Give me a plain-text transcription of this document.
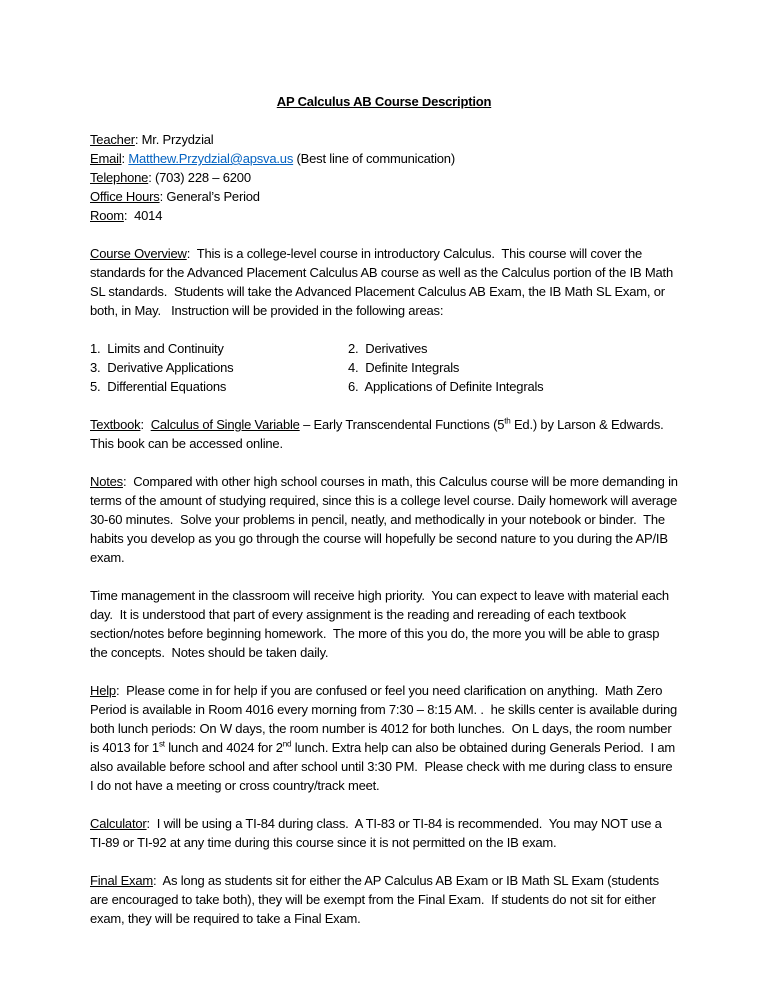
AP Calculus AB Course Description

Teacher: Mr. Przydzial
Email: Matthew.Przydzial@apsva.us (Best line of communication)
Telephone: (703) 228 – 6200
Office Hours: General’s Period
Room:  4014

Course Overview:  This is a college-level course in introductory Calculus.  This course will cover the standards for the Advanced Placement Calculus AB course as well as the Calculus portion of the IB Math SL standards.  Students will take the Advanced Placement Calculus AB Exam, the IB Math SL Exam, or both, in May.   Instruction will be provided in the following areas:

1.  Limits and Continuity	2.  Derivatives
3.  Derivative Applications	4.  Definite Integrals
5.  Differential Equations	6.  Applications of Definite Integrals

Textbook:  Calculus of Single Variable – Early Transcendental Functions (5th Ed.) by Larson & Edwards.  This book can be accessed online.

Notes:  Compared with other high school courses in math, this Calculus course will be more demanding in terms of the amount of studying required, since this is a college level course. Daily homework will average 30-60 minutes.  Solve your problems in pencil, neatly, and methodically in your notebook or binder.  The habits you develop as you go through the course will hopefully be second nature to you during the AP/IB exam.

Time management in the classroom will receive high priority.  You can expect to leave with material each day.  It is understood that part of every assignment is the reading and rereading of each textbook section/notes before beginning homework.  The more of this you do, the more you will be able to grasp the concepts.  Notes should be taken daily.

Help:  Please come in for help if you are confused or feel you need clarification on anything.  Math Zero Period is available in Room 4016 every morning from 7:30 – 8:15 AM. .  he skills center is available during both lunch periods: On W days, the room number is 4012 for both lunches.  On L days, the room number is 4013 for 1st lunch and 4024 for 2nd lunch. Extra help can also be obtained during Generals Period.  I am also available before school and after school until 3:30 PM.  Please check with me during class to ensure I do not have a meeting or cross country/track meet.

Calculator:  I will be using a TI-84 during class.  A TI-83 or TI-84 is recommended.  You may NOT use a TI-89 or TI-92 at any time during this course since it is not permitted on the IB exam.

Final Exam:  As long as students sit for either the AP Calculus AB Exam or IB Math SL Exam (students are encouraged to take both), they will be exempt from the Final Exam.  If students do not sit for either exam, they will be required to take a Final Exam.
